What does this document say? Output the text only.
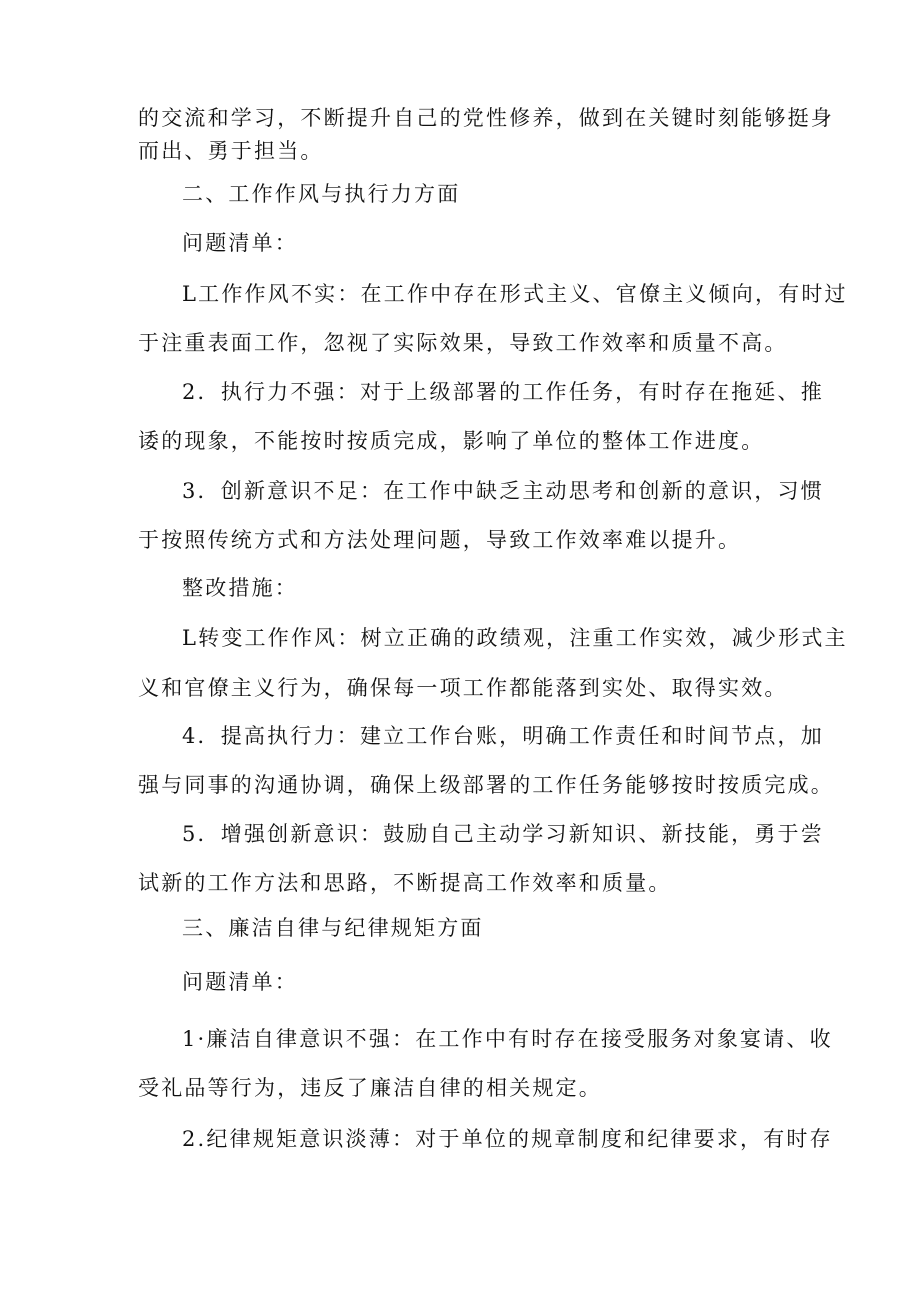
的交流和学习，不断提升自己的党性修养，做到在关键时刻能够挺身
而出、勇于担当。
二、工作作风与执行力方面
问题清单：
L工作作风不实：在工作中存在形式主义、官僚主义倾向，有时过
于注重表面工作，忽视了实际效果，导致工作效率和质量不高。
2．执行力不强：对于上级部署的工作任务，有时存在拖延、推
诿的现象，不能按时按质完成，影响了单位的整体工作进度。
3．创新意识不足：在工作中缺乏主动思考和创新的意识，习惯
于按照传统方式和方法处理问题，导致工作效率难以提升。
整改措施：
L转变工作作风：树立正确的政绩观，注重工作实效，减少形式主
义和官僚主义行为，确保每一项工作都能落到实处、取得实效。
4．提高执行力：建立工作台账，明确工作责任和时间节点，加
强与同事的沟通协调，确保上级部署的工作任务能够按时按质完成。
5．增强创新意识：鼓励自己主动学习新知识、新技能，勇于尝
试新的工作方法和思路，不断提高工作效率和质量。
三、廉洁自律与纪律规矩方面
问题清单：
1·廉洁自律意识不强：在工作中有时存在接受服务对象宴请、收
受礼品等行为，违反了廉洁自律的相关规定。
2.纪律规矩意识淡薄：对于单位的规章制度和纪律要求，有时存
